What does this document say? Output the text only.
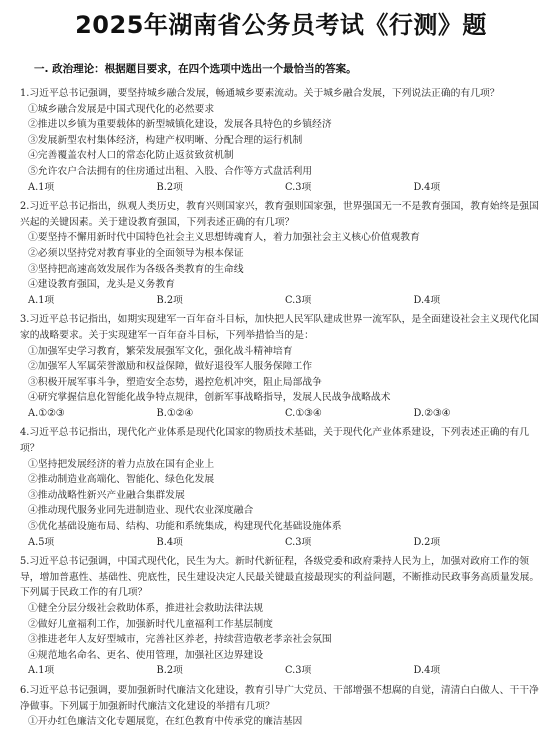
2025年湖南省公务员考试《行测》题
一. 政治理论：根据题目要求，在四个选项中选出一个最恰当的答案。
1.习近平总书记强调，要坚持城乡融合发展，畅通城乡要素流动。关于城乡融合发展，下列说法正确的有几项？
①城乡融合发展是中国式现代化的必然要求
②推进以乡镇为重要载体的新型城镇化建设，发展各具特色的乡镇经济
③发展新型农村集体经济，构建产权明晰、分配合理的运行机制
④完善覆盖农村人口的常态化防止返贫致贫机制
⑤允许农户合法拥有的住房通过出租、入股、合作等方式盘活利用
A.1项	B.2项	C.3项	D.4项
2.习近平总书记指出，纵观人类历史，教育兴则国家兴，教育强则国家强，世界强国无一不是教育强国，教育始终是强国兴起的关键因素。关于建设教育强国，下列表述正确的有几项？
①要坚持不懈用新时代中国特色社会主义思想铸魂育人，着力加强社会主义核心价值观教育
②必须以坚持党对教育事业的全面领导为根本保证
③坚持把高速高效发展作为各级各类教育的生命线
④建设教育强国，龙头是义务教育
A.1项	B.2项	C.3项	D.4项
3.习近平总书记指出，如期实现建军一百年奋斗目标，加快把人民军队建成世界一流军队，是全面建设社会主义现代化国家的战略要求。关于实现建军一百年奋斗目标，下列举措恰当的是：
①加强军史学习教育，繁荣发展强军文化，强化战斗精神培育
②加强军人军属荣誉激励和权益保障，做好退役军人服务保障工作
③积极开展军事斗争，塑造安全态势，遏控危机冲突，阻止局部战争
④研究掌握信息化智能化战争特点规律，创新军事战略指导，发展人民战争战略战术
A.①②③	B.①②④	C.①③④	D.②③④
4.习近平总书记指出，现代化产业体系是现代化国家的物质技术基础，关于现代化产业体系建设，下列表述正确的有几项？
①坚持把发展经济的着力点放在国有企业上
②推动制造业高端化、智能化、绿色化发展
③推动战略性新兴产业融合集群发展
④推动现代服务业同先进制造业、现代农业深度融合
⑤优化基础设施布局、结构、功能和系统集成，构建现代化基础设施体系
A.5项	B.4项	C.3项	D.2项
5.习近平总书记强调，中国式现代化，民生为大。新时代新征程，各级党委和政府秉持人民为上，加强对政府工作的领导，增加普惠性、基础性、兜底性，民生建设决定人民最关键最直接最现实的利益问题，不断推动民政事务高质量发展。下列属于民政工作的有几项？
①健全分层分级社会救助体系，推进社会救助法律法规
②做好儿童福利工作，加强新时代儿童福利工作基层制度
③推进老年人友好型城市，完善社区养老，持续营造敬老孝亲社会氛围
④规范地名命名、更名、使用管理，加强社区边界建设
A.1项	B.2项	C.3项	D.4项
6.习近平总书记强调，要加强新时代廉洁文化建设，教育引导广大党员、干部增强不想腐的自觉，清清白白做人、干干净净做事。下列属于加强新时代廉洁文化建设的举措有几项？
①开办红色廉洁文化专题展览，在红色教育中传承党的廉洁基因
